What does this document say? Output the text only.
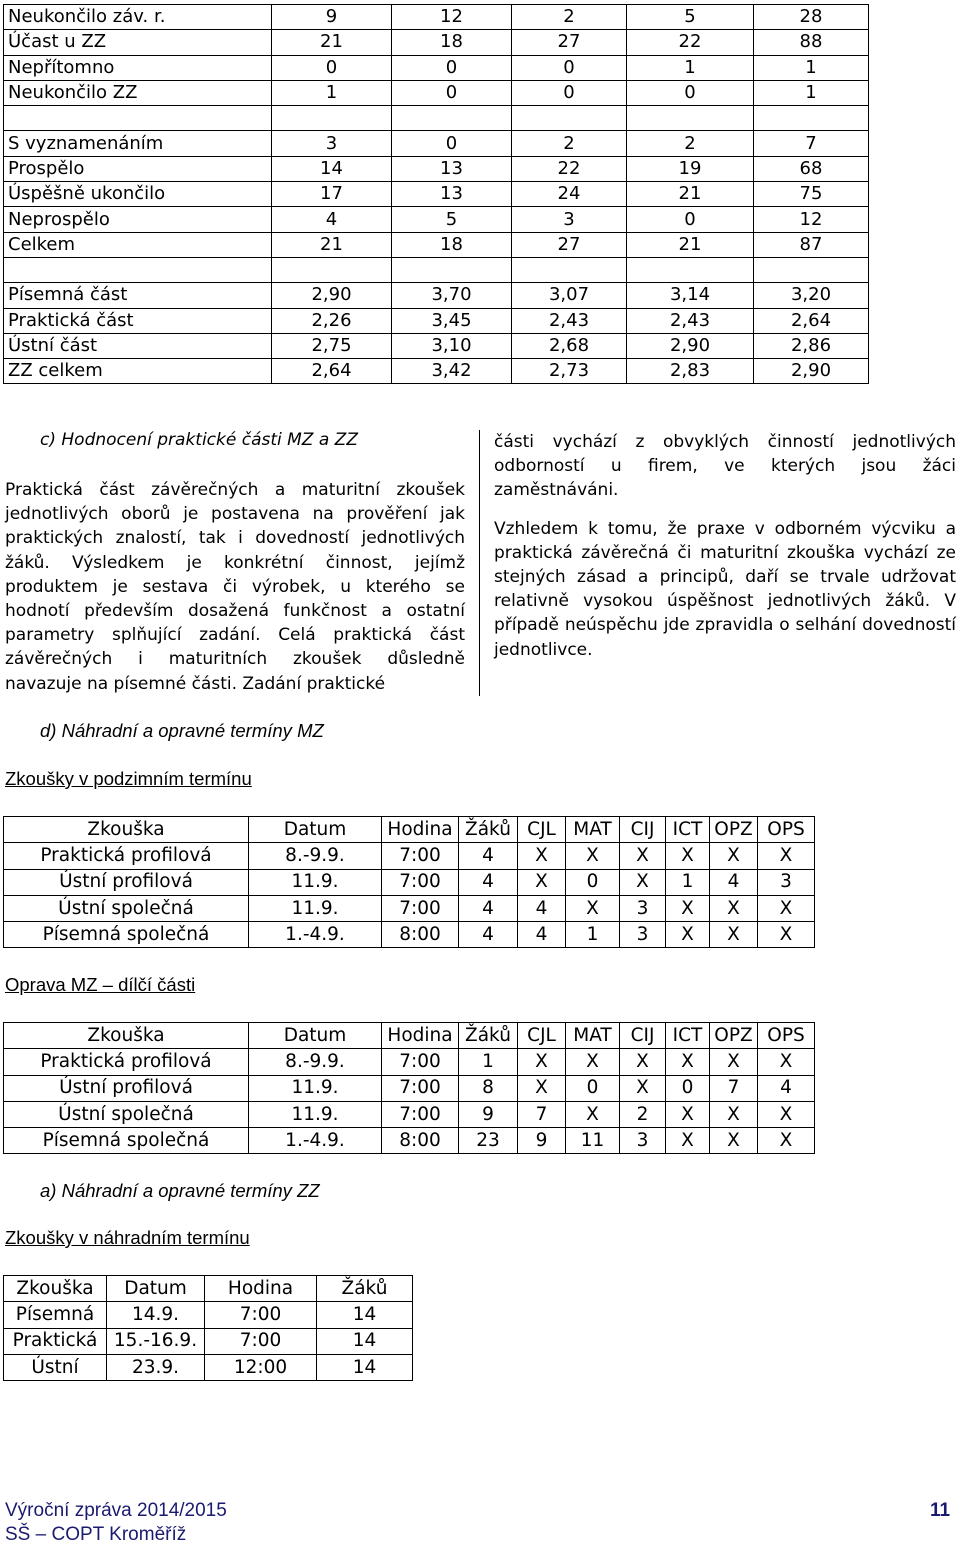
Neukončilo záv. r.	9	12	2	5	28
Účast u ZZ	21	18	27	22	88
Nepřítomno	0	0	0	1	1
Neukončilo ZZ	1	0	0	0	1

S vyznamenáním	3	0	2	2	7
Prospělo	14	13	22	19	68
Úspěšně ukončilo	17	13	24	21	75
Neprospělo	4	5	3	0	12
Celkem	21	18	27	21	87

Písemná část	2,90	3,70	3,07	3,14	3,20
Praktická část	2,26	3,45	2,43	2,43	2,64
Ústní část	2,75	3,10	2,68	2,90	2,86
ZZ celkem	2,64	3,42	2,73	2,83	2,90
c) Hodnocení praktické části MZ a ZZ

Praktická část závěrečných a maturitní zkoušek jednotlivých oborů je postavena na prověření jak praktických znalostí, tak i dovedností jednotlivých žáků. Výsledkem je konkrétní činnost, jejímž produktem je sestava či výrobek, u kterého se hodnotí především dosažená funkčnost a ostatní parametry splňující zadání. Celá praktická část závěrečných i maturitních zkoušek důsledně navazuje na písemné části. Zadání praktické

části vychází z obvyklých činností jednotlivých odborností u firem, ve kterých jsou žáci zaměstnáváni.

Vzhledem k tomu, že praxe v odborném výcviku a praktická závěrečná či maturitní zkouška vychází ze stejných zásad a principů, daří se trvale udržovat relativně vysokou úspěšnost jednotlivých žáků. V případě neúspěchu jde zpravidla o selhání dovedností jednotlivce.

d) Náhradní a opravné termíny MZ
Zkoušky v podzimním termínu
Zkouška	Datum	Hodina	Žáků	CJL	MAT	CIJ	ICT	OPZ	OPS
Praktická profilová	8.-9.9.	7:00	4	X	X	X	X	X	X
Ústní profilová	11.9.	7:00	4	X	0	X	1	4	3
Ústní společná	11.9.	7:00	4	4	X	3	X	X	X
Písemná společná	1.-4.9.	8:00	4	4	1	3	X	X	X
Oprava MZ – dílčí části
Zkouška	Datum	Hodina	Žáků	CJL	MAT	CIJ	ICT	OPZ	OPS
Praktická profilová	8.-9.9.	7:00	1	X	X	X	X	X	X
Ústní profilová	11.9.	7:00	8	X	0	X	0	7	4
Ústní společná	11.9.	7:00	9	7	X	2	X	X	X
Písemná společná	1.-4.9.	8:00	23	9	11	3	X	X	X
a) Náhradní a opravné termíny ZZ
Zkoušky v náhradním termínu
Zkouška	Datum	Hodina	Žáků
Písemná	14.9.	7:00	14
Praktická	15.-16.9.	7:00	14
Ústní	23.9.	12:00	14
Výroční zpráva 2014/2015
SŠ – COPT Kroměříž
11
